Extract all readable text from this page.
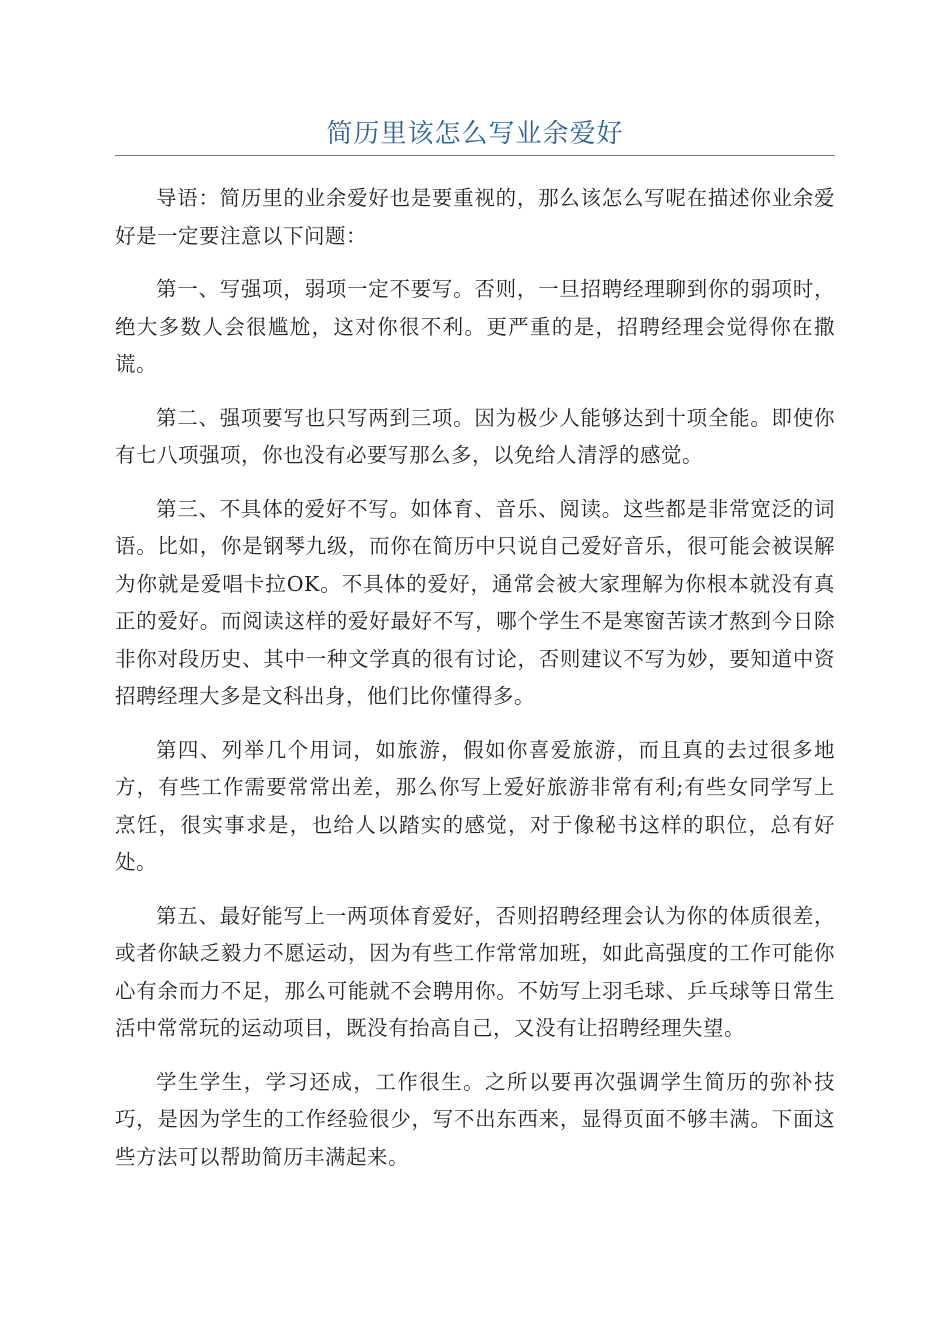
简历里该怎么写业余爱好

导语：简历里的业余爱好也是要重视的，那么该怎么写呢在描述你业余爱好是一定要注意以下问题：

第一、写强项，弱项一定不要写。否则，一旦招聘经理聊到你的弱项时，绝大多数人会很尴尬，这对你很不利。更严重的是，招聘经理会觉得你在撒谎。

第二、强项要写也只写两到三项。因为极少人能够达到十项全能。即使你有七八项强项，你也没有必要写那么多，以免给人清浮的感觉。

第三、不具体的爱好不写。如体育、音乐、阅读。这些都是非常宽泛的词语。比如，你是钢琴九级，而你在简历中只说自己爱好音乐，很可能会被误解为你就是爱唱卡拉OK。不具体的爱好，通常会被大家理解为你根本就没有真正的爱好。而阅读这样的爱好最好不写，哪个学生不是寒窗苦读才熬到今日除非你对段历史、其中一种文学真的很有讨论，否则建议不写为妙，要知道中资招聘经理大多是文科出身，他们比你懂得多。

第四、列举几个用词，如旅游，假如你喜爱旅游，而且真的去过很多地方，有些工作需要常常出差，那么你写上爱好旅游非常有利;有些女同学写上烹饪，很实事求是，也给人以踏实的感觉，对于像秘书这样的职位，总有好处。

第五、最好能写上一两项体育爱好，否则招聘经理会认为你的体质很差，或者你缺乏毅力不愿运动，因为有些工作常常加班，如此高强度的工作可能你心有余而力不足，那么可能就不会聘用你。不妨写上羽毛球、乒乓球等日常生活中常常玩的运动项目，既没有抬高自己，又没有让招聘经理失望。

学生学生，学习还成，工作很生。之所以要再次强调学生简历的弥补技巧，是因为学生的工作经验很少，写不出东西来，显得页面不够丰满。下面这些方法可以帮助简历丰满起来。
